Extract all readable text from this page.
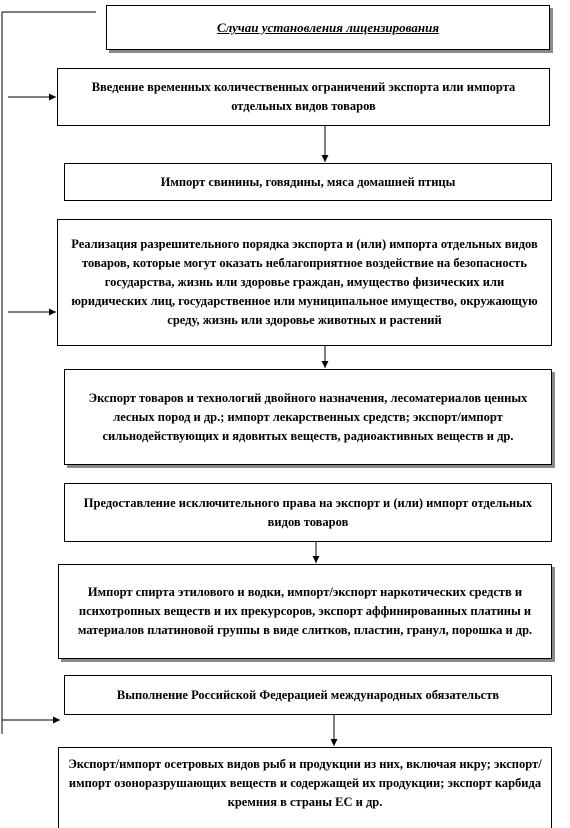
Случаи установления лицензирования
Введение временных количественных ограничений экспорта или импорта отдельных видов товаров
Импорт свинины, говядины, мяса домашней птицы
Реализация разрешительного порядка экспорта и (или) импорта отдельных видов товаров, которые могут оказать неблагоприятное воздействие на безопасность государства, жизнь или здоровье граждан, имущество физических или юридических лиц, государственное или муниципальное имущество, окружающую среду, жизнь или здоровье животных и растений
Экспорт товаров и технологий двойного назначения, лесоматериалов ценных лесных пород и др.; импорт лекарственных средств; экспорт/импорт сильнодействующих и ядовитых веществ, радиоактивных веществ и др.
Предоставление исключительного права на экспорт и (или) импорт отдельных видов товаров
Импорт спирта этилового и водки, импорт/экспорт наркотических средств и психотропных веществ и их прекурсоров, экспорт аффинированных платины и материалов платиновой группы в виде слитков, пластин, гранул, порошка и др.
Выполнение Российской Федерацией международных обязательств
Экспорт/импорт осетровых видов рыб и продукции из них, включая икру; экспорт/импорт озоноразрушающих веществ и содержащей их продукции; экспорт карбида кремния в страны ЕС и др.
